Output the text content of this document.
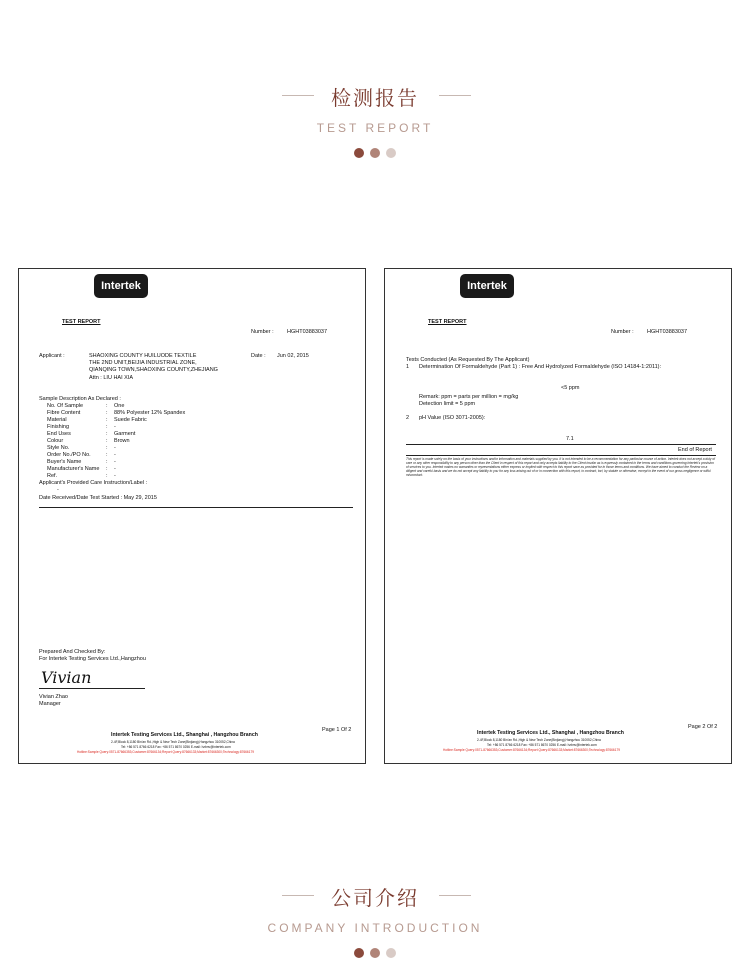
检测报告
TEST REPORT
Intertek
TEST REPORT
Number : HGHT03883037
Applicant :	SHAOXING COUNTY HUILUODE TEXTILE
THE 2ND UNIT,BEIJIA INDUSTRIAL ZONE,
QIANQING TOWN,SHAOXING COUNTY,ZHEJIANG
Attn : LIU HAI XIA
Date : Jun 02, 2015
Sample Description As Declared :
No. Of Sample	: One
Fibre Content	: 88% Polyester 12% Spandex
Material	: Suede Fabric
Finishing	: -
End Uses	: Garment
Colour	: Brown
Style No.	: -
Order No./PO No.	: -
Buyer's Name	: -
Manufacturer's Name : -
Ref.	: -
Applicant's Provided Care Instruction/Label :
-
Date Received/Date Test Started : May 29, 2015
Prepared And Checked By:
For Intertek Testing Services Ltd.,Hangzhou
Vivian
Vivian Zhao
Manager
Page 1 Of 2
Intertek Testing Services Ltd., Shanghai , Hangzhou Branch
2-4F,Block 8,1180 Bin'an Rd.,High & New Tech Zone(Binjiang),Hangzhou 310052,China
Tel: +86 571 8766 6218 Fax: +86 571 8670 0256 E-mail: hzbnv@intertek.com
Hotline:Sample Query:0571-87666353;Customer:87666134;Report Query:87666133;Market:87666300;Technology:87666179
Intertek
TEST REPORT
Number : HGHT03883037
Tests Conducted (As Requested By The Applicant)
1 Determination Of Formaldehyde (Part 1) : Free And Hydrolyzed Formaldehyde (ISO 14184-1:2011):
<5 ppm
Remark: ppm = parts per million = mg/kg
Detection limit = 5 ppm
2 pH Value (ISO 3071-2005):
7.1
End of Report
This report is made solely on the basis of your instructions and/or information and materials supplied by you. It is not intended to be a recommendation for any particular course of action. Intertek does not accept a duty of care or any other responsibility to any person other than the Client in respect of this report and only accepts liability to the Client insofar as is expressly contained in the terms and conditions governing Intertek's provision of services to you. Intertek makes no warranties or representations either express or implied with respect to this report save as provided for in those terms and conditions. We have aimed to conduct the Review on a diligent and careful basis and we do not accept any liability to you for any loss arising out of or in connection with this report, in contract, tort, by statute or otherwise, except in the event of our gross negligence or wilful misconduct.
Page 2 Of 2
Intertek Testing Services Ltd., Shanghai , Hangzhou Branch
2-4F,Block 8,1180 Bin'an Rd.,High & New Tech Zone(Binjiang),Hangzhou 310052,China
Tel: +86 571 8766 6218 Fax: +86 571 8670 0256 E-mail: hzbnv@intertek.com
Hotline:Sample Query:0571-87666353;Customer:87666134;Report Query:87666133;Market:87666300;Technology:87666179
公司介绍
COMPANY INTRODUCTION
